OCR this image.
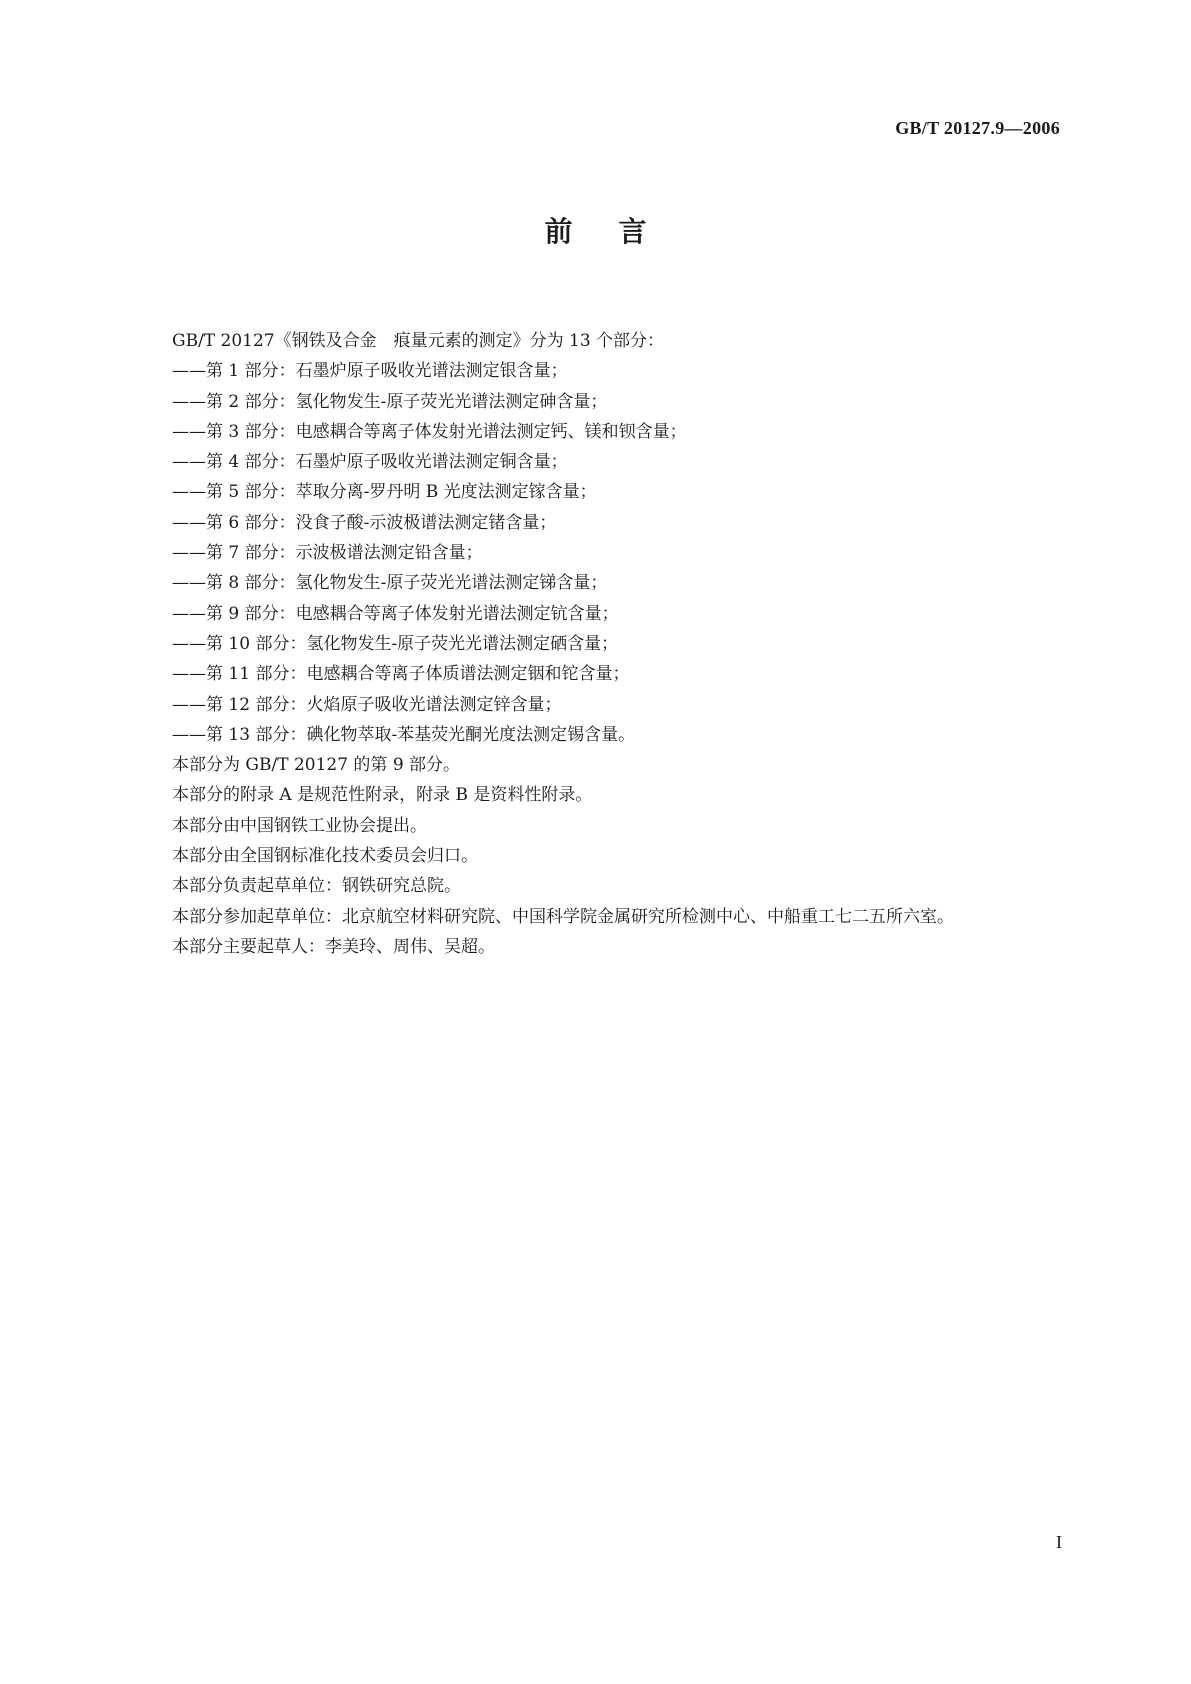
GB/T 20127.9—2006
前言

GB/T 20127《钢铁及合金　痕量元素的测定》分为 13 个部分：

——第 1 部分：石墨炉原子吸收光谱法测定银含量；

——第 2 部分：氢化物发生-原子荧光光谱法测定砷含量；

——第 3 部分：电感耦合等离子体发射光谱法测定钙、镁和钡含量；

——第 4 部分：石墨炉原子吸收光谱法测定铜含量；

——第 5 部分：萃取分离-罗丹明 B 光度法测定镓含量；

——第 6 部分：没食子酸-示波极谱法测定锗含量；

——第 7 部分：示波极谱法测定铅含量；

——第 8 部分：氢化物发生-原子荧光光谱法测定锑含量；

——第 9 部分：电感耦合等离子体发射光谱法测定钪含量；

——第 10 部分：氢化物发生-原子荧光光谱法测定硒含量；

——第 11 部分：电感耦合等离子体质谱法测定铟和铊含量；

——第 12 部分：火焰原子吸收光谱法测定锌含量；

——第 13 部分：碘化物萃取-苯基荧光酮光度法测定锡含量。

本部分为 GB/T 20127 的第 9 部分。

本部分的附录 A 是规范性附录，附录 B 是资料性附录。

本部分由中国钢铁工业协会提出。

本部分由全国钢标准化技术委员会归口。

本部分负责起草单位：钢铁研究总院。

本部分参加起草单位：北京航空材料研究院、中国科学院金属研究所检测中心、中船重工七二五所六室。

本部分主要起草人：李美玲、周伟、吴超。

I
